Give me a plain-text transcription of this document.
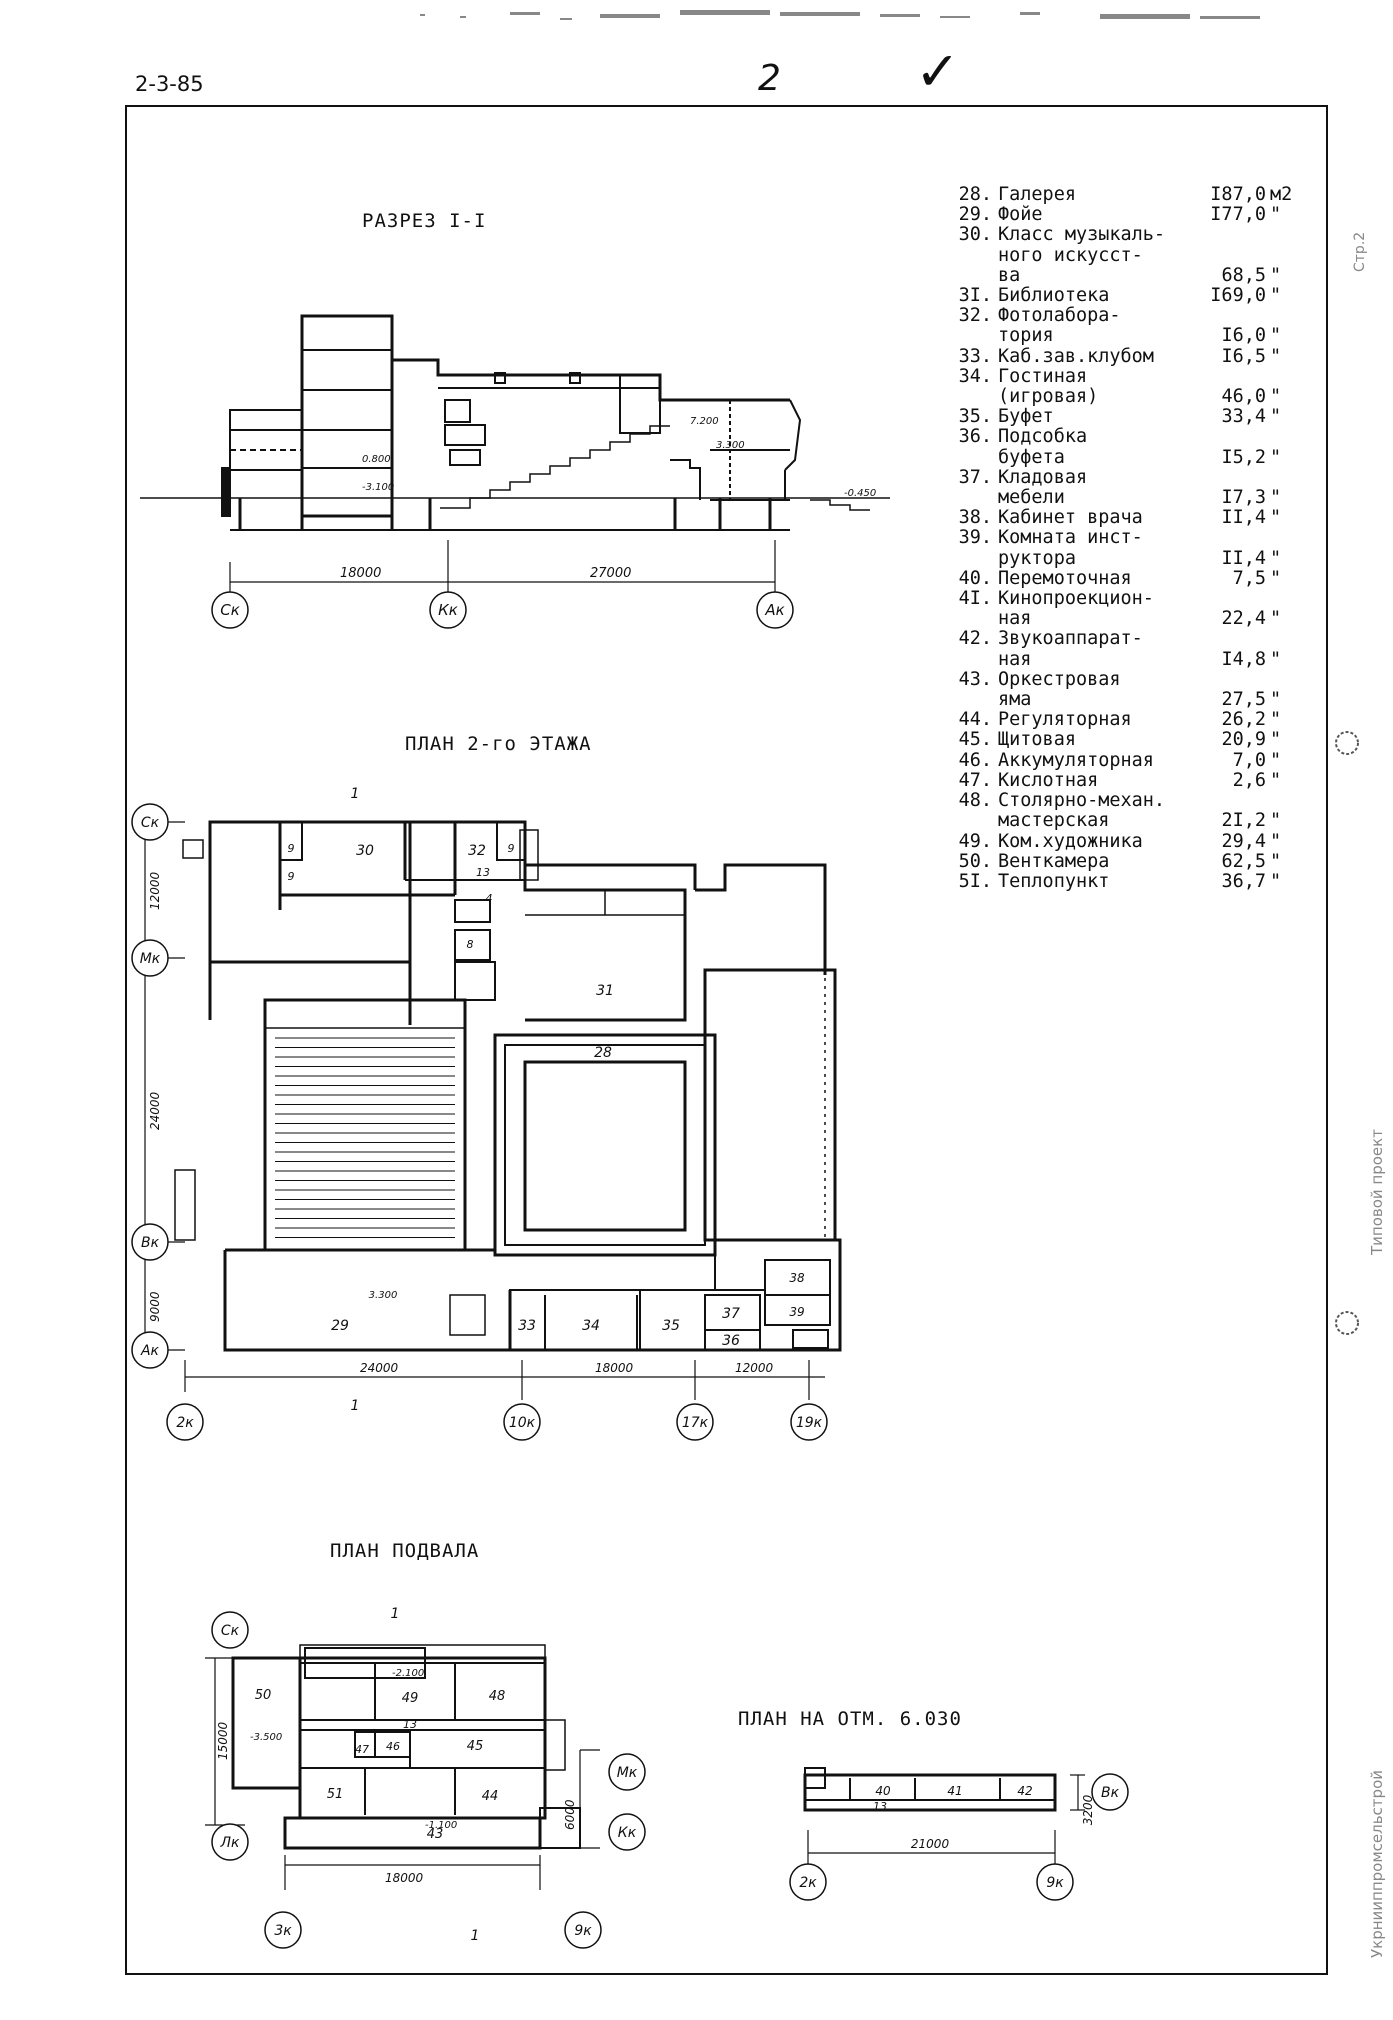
2-3-85	2 ✓
Стр.2
Типовой проект
Укрнииппромсельстрой
РАЗРЕЗ I-I
ПЛАН 2-го ЭТАЖА
ПЛАН ПОДВАЛА
ПЛАН НА ОТМ. 6.030
28. Галерея	I87,0 м2
29. Фойе	I77,0 "
30. Класс музыкаль-
ного искусст-
ва	68,5 "
3I. Библиотека	I69,0 "
32. Фотолабора-
тория	I6,0 "
33. Каб.зав.клубом	I6,5 "
34. Гостиная
(игровая)	46,0 "
35. Буфет	33,4 "
36. Подсобка
буфета	I5,2 "
37. Кладовая
мебели	I7,3 "
38. Кабинет врача	II,4 "
39. Комната инст-
руктора	II,4 "
40. Перемоточная	7,5 "
4I. Кинопроекцион-
ная	22,4 "
42. Звукоаппарат-
ная	I4,8 "
43. Оркестровая
яма	27,5 "
44. Регуляторная	26,2 "
45. Щитовая	20,9 "
46. Аккумуляторная	7,0 "
47. Кислотная	2,6 "
48. Столярно-механ.
мастерская	2I,2 "
49. Ком.художника	29,4 "
50. Венткамера	62,5 "
5I. Теплопункт	36,7 "
18000	27000
0.800
-3.100
7.200
3.300
-0.450
Ск	Кк	Ак
30	32
9
9
9
13
4
8
31
28
29	33	34	35
37
36
38
39
3.300
1
1
24000	18000	12000
12000
24000
9000
Ск
Мк
Вк
Ак
2к	10к	17к	19к
50	49	48
13
47 46	45
51	44
43
1
1
-2.100
-3.500
-1.100
18000
15000
6000
Ск
Мк
Кк
Лк
3к	9к
40	41	42
13
21000
3200
2к	9к
Вк
